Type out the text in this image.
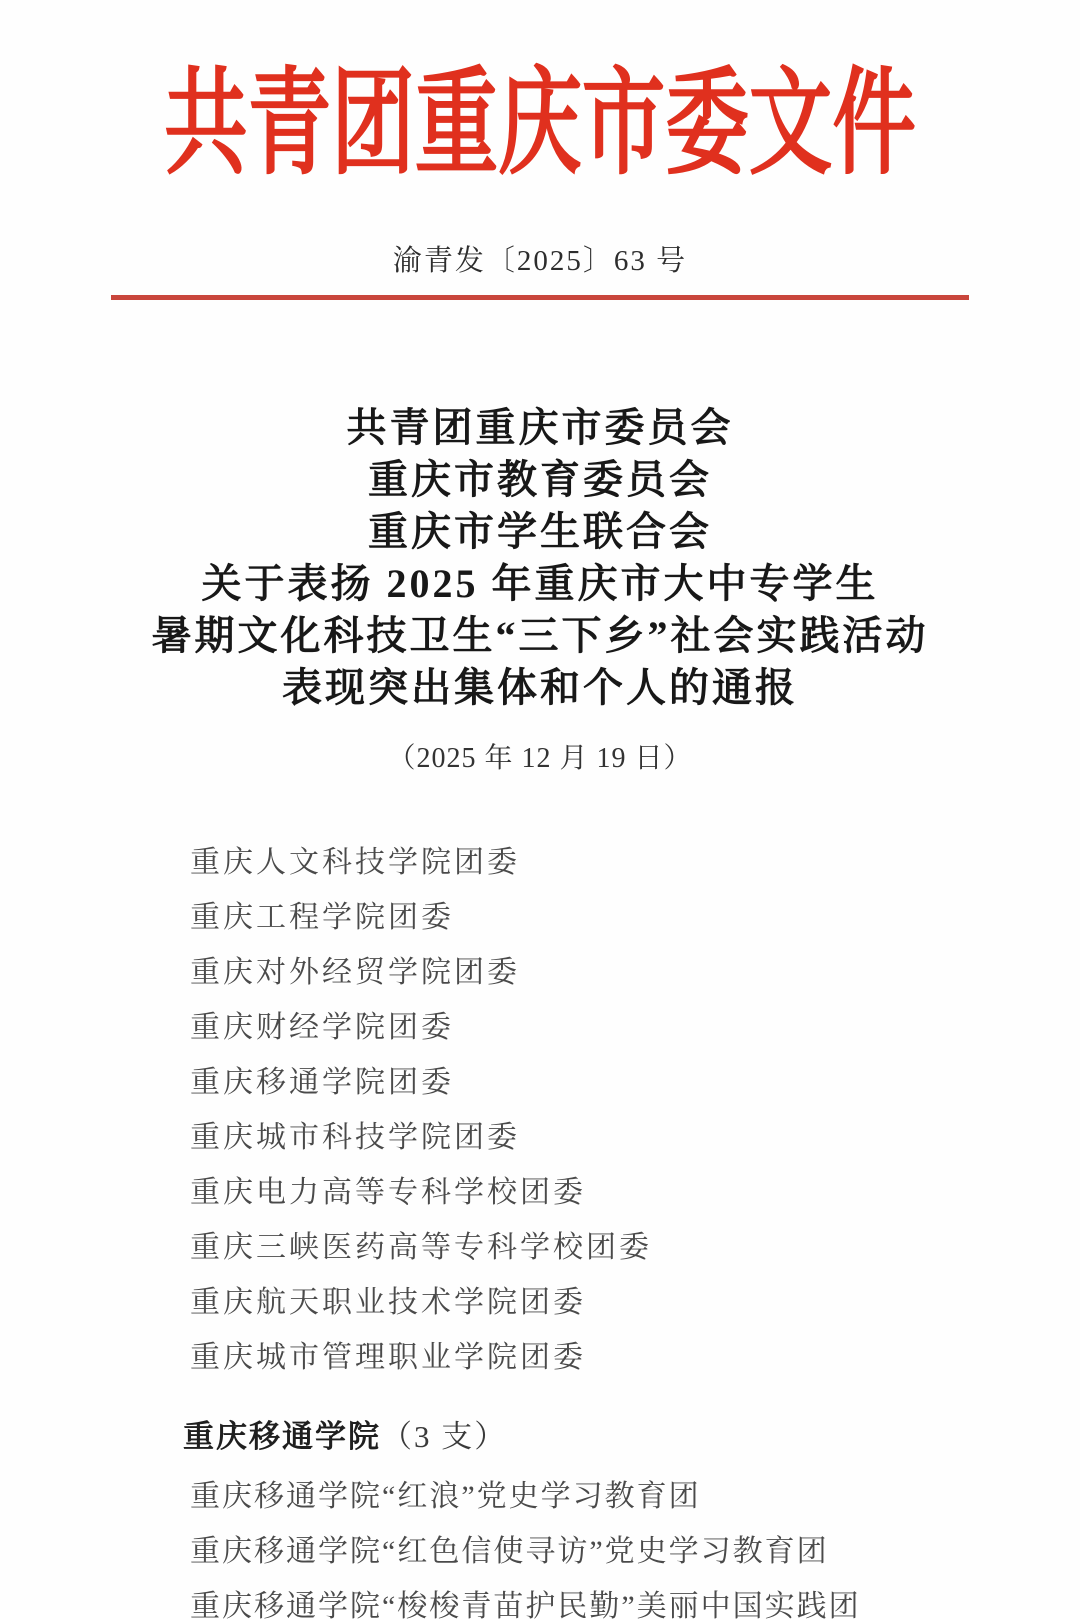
共青团重庆市委文件
渝青发〔2025〕63 号
共青团重庆市委员会
重庆市教育委员会
重庆市学生联合会
关于表扬 2025 年重庆市大中专学生
暑期文化科技卫生“三下乡”社会实践活动
表现突出集体和个人的通报
（2025 年 12 月 19 日）

重庆人文科技学院团委

重庆工程学院团委

重庆对外经贸学院团委

重庆财经学院团委

重庆移通学院团委

重庆城市科技学院团委

重庆电力高等专科学校团委

重庆三峡医药高等专科学校团委

重庆航天职业技术学院团委

重庆城市管理职业学院团委

重庆移通学院（3 支）

重庆移通学院“红浪”党史学习教育团

重庆移通学院“红色信使寻访”党史学习教育团

重庆移通学院“梭梭青苗护民勤”美丽中国实践团
